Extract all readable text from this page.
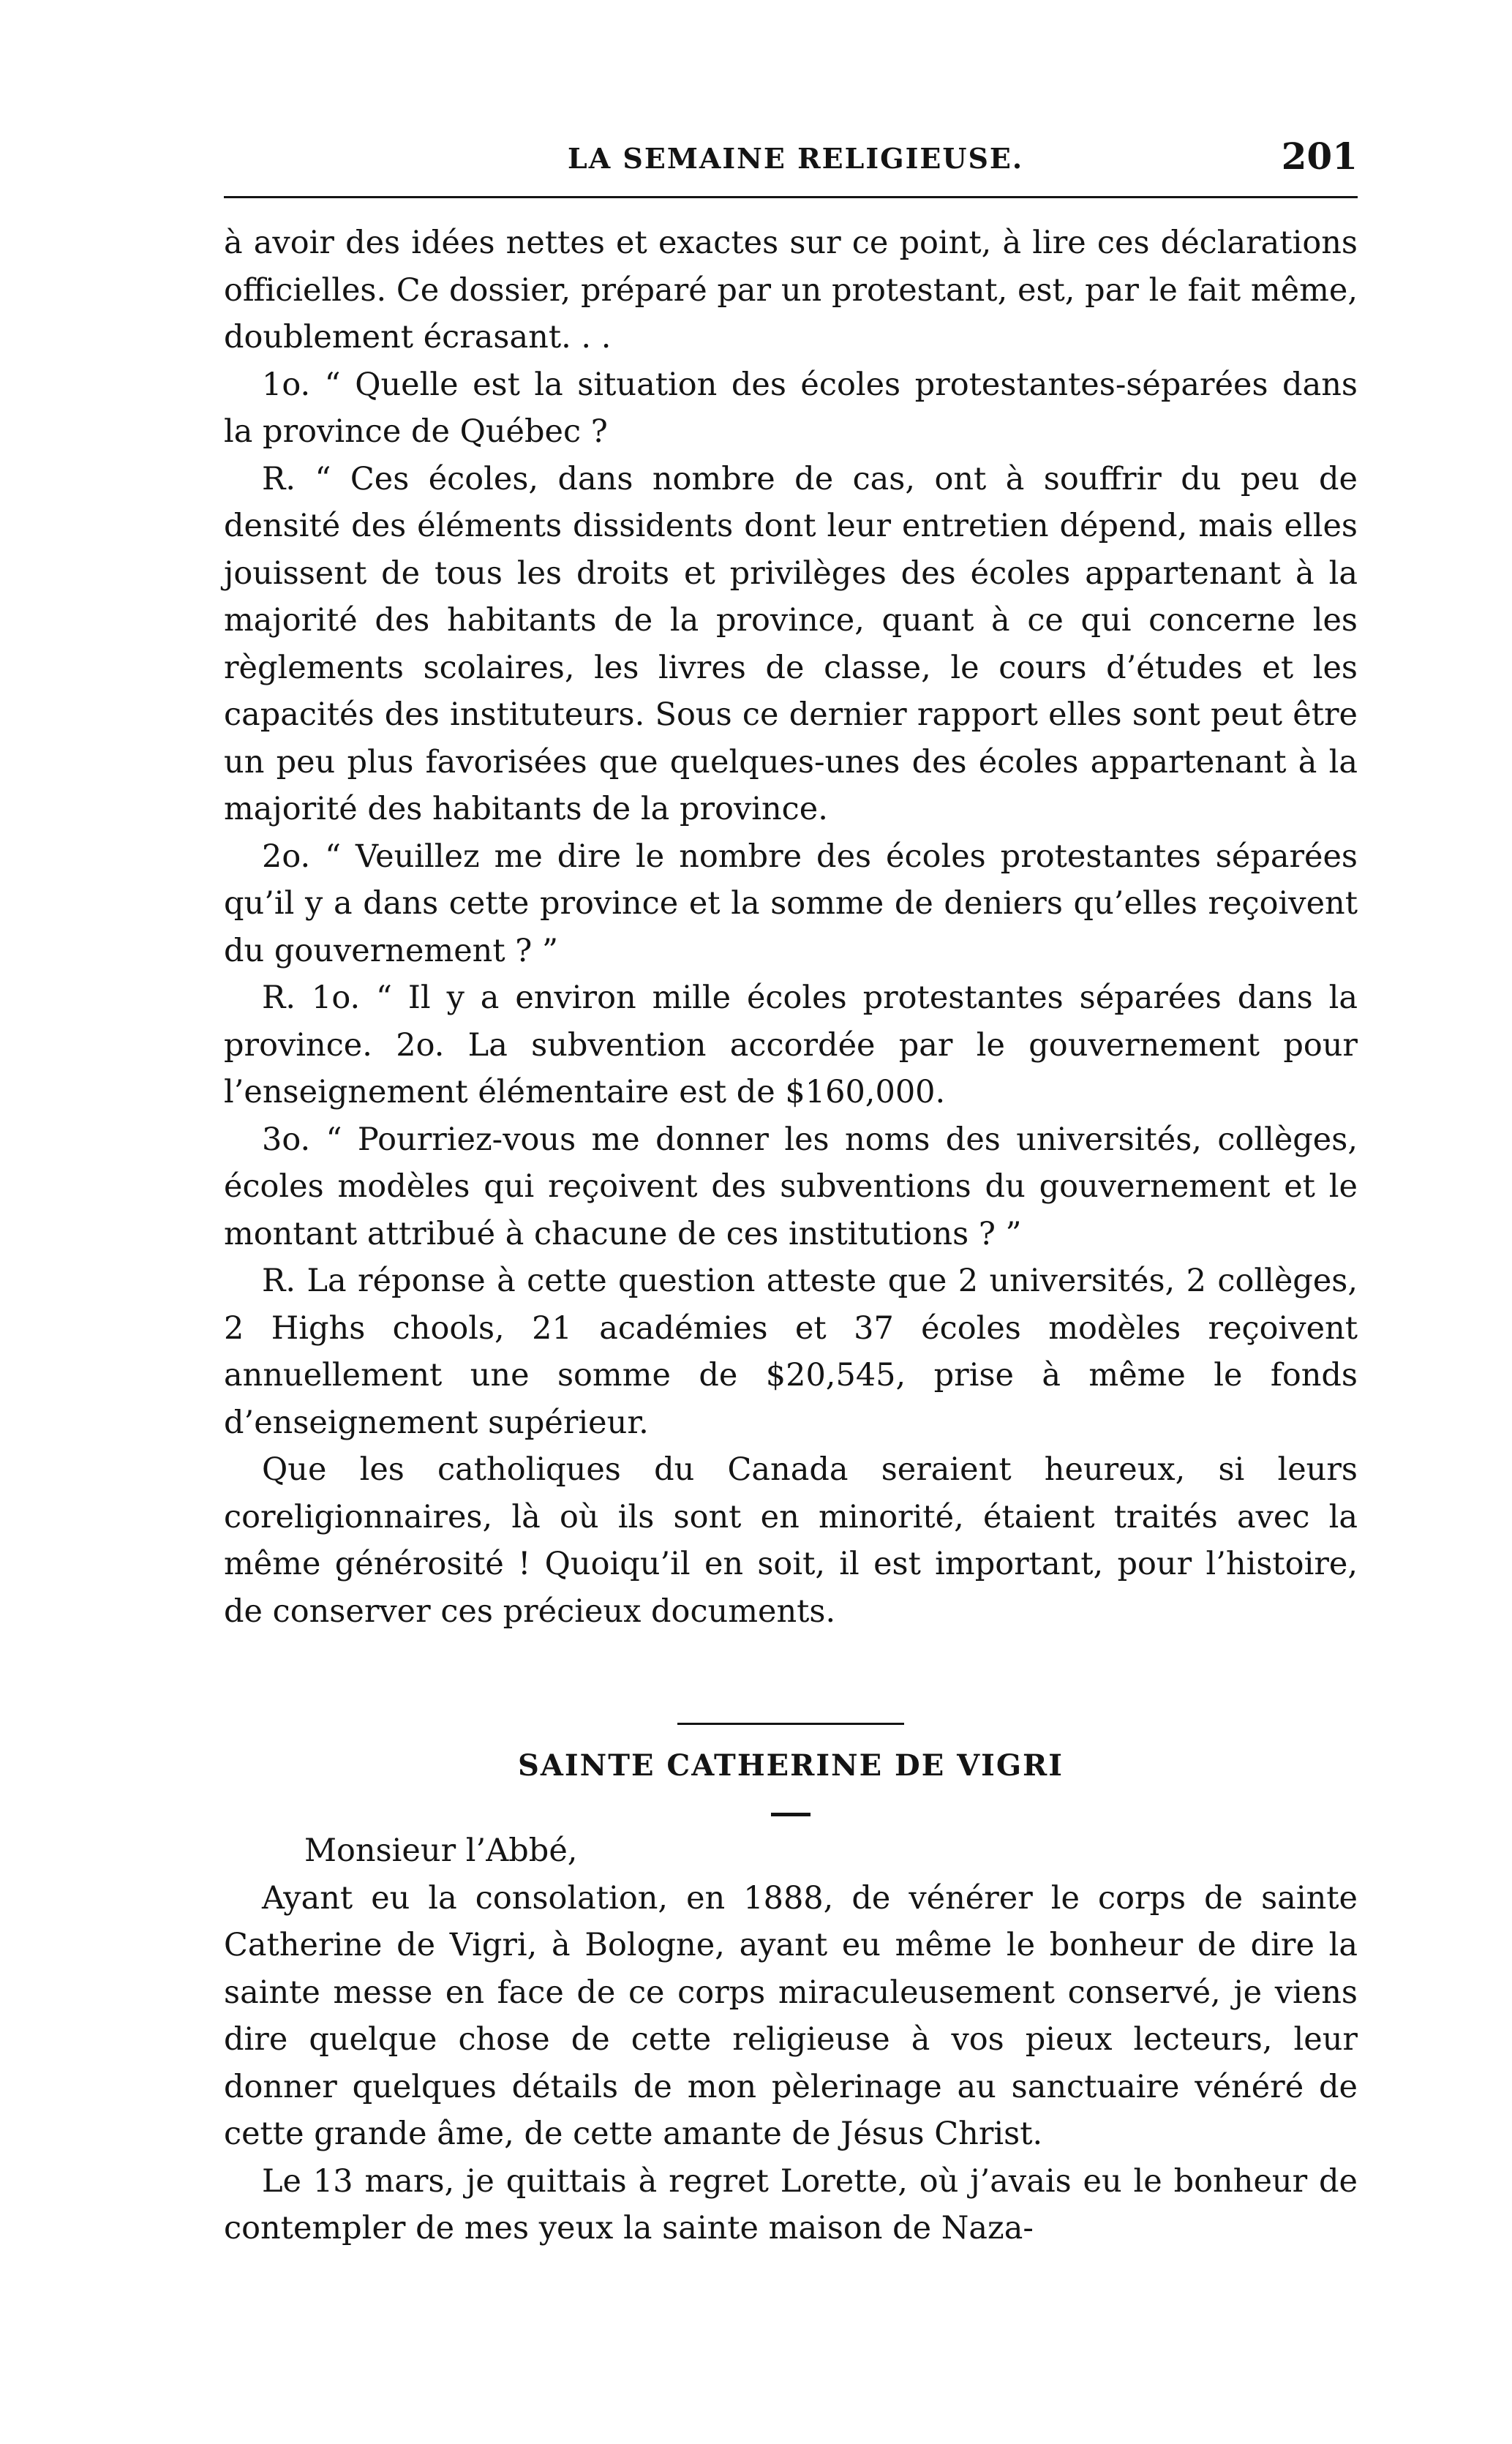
LA SEMAINE RELIGIEUSE.	201

à avoir des idées nettes et exactes sur ce point, à lire ces déclarations officielles. Ce dossier, préparé par un protestant, est, par le fait même, doublement écrasant. . .

1o. “ Quelle est la situation des écoles protestantes-séparées dans la province de Québec ?

R. “ Ces écoles, dans nombre de cas, ont à souffrir du peu de densité des éléments dissidents dont leur entretien dépend, mais elles jouissent de tous les droits et privilèges des écoles appartenant à la majorité des habitants de la province, quant à ce qui concerne les règlements scolaires, les livres de classe, le cours d’études et les capacités des instituteurs. Sous ce dernier rapport elles sont peut être un peu plus favorisées que quelques-unes des écoles appartenant à la majorité des habitants de la province.

2o. “ Veuillez me dire le nombre des écoles protestantes séparées qu’il y a dans cette province et la somme de deniers qu’elles reçoivent du gouvernement ? ”

R. 1o. “ Il y a environ mille écoles protestantes séparées dans la province. 2o. La subvention accordée par le gouvernement pour l’enseignement élémentaire est de $160,000.

3o. “ Pourriez-vous me donner les noms des universités, collèges, écoles modèles qui reçoivent des subventions du gouvernement et le montant attribué à chacune de ces institutions ? ”

R. La réponse à cette question atteste que 2 universités, 2 collèges, 2 Highs chools, 21 académies et 37 écoles modèles reçoivent annuellement une somme de $20,545, prise à même le fonds d’enseignement supérieur.

Que les catholiques du Canada seraient heureux, si leurs coreligionnaires, là où ils sont en minorité, étaient traités avec la même générosité ! Quoiqu’il en soit, il est important, pour l’histoire, de conserver ces précieux documents.

SAINTE CATHERINE DE VIGRI

Monsieur l’Abbé,

Ayant eu la consolation, en 1888, de vénérer le corps de sainte Catherine de Vigri, à Bologne, ayant eu même le bonheur de dire la sainte messe en face de ce corps miraculeusement conservé, je viens dire quelque chose de cette religieuse à vos pieux lecteurs, leur donner quelques détails de mon pèlerinage au sanctuaire vénéré de cette grande âme, de cette amante de Jésus Christ.

Le 13 mars, je quittais à regret Lorette, où j’avais eu le bonheur de contempler de mes yeux la sainte maison de Naza-
